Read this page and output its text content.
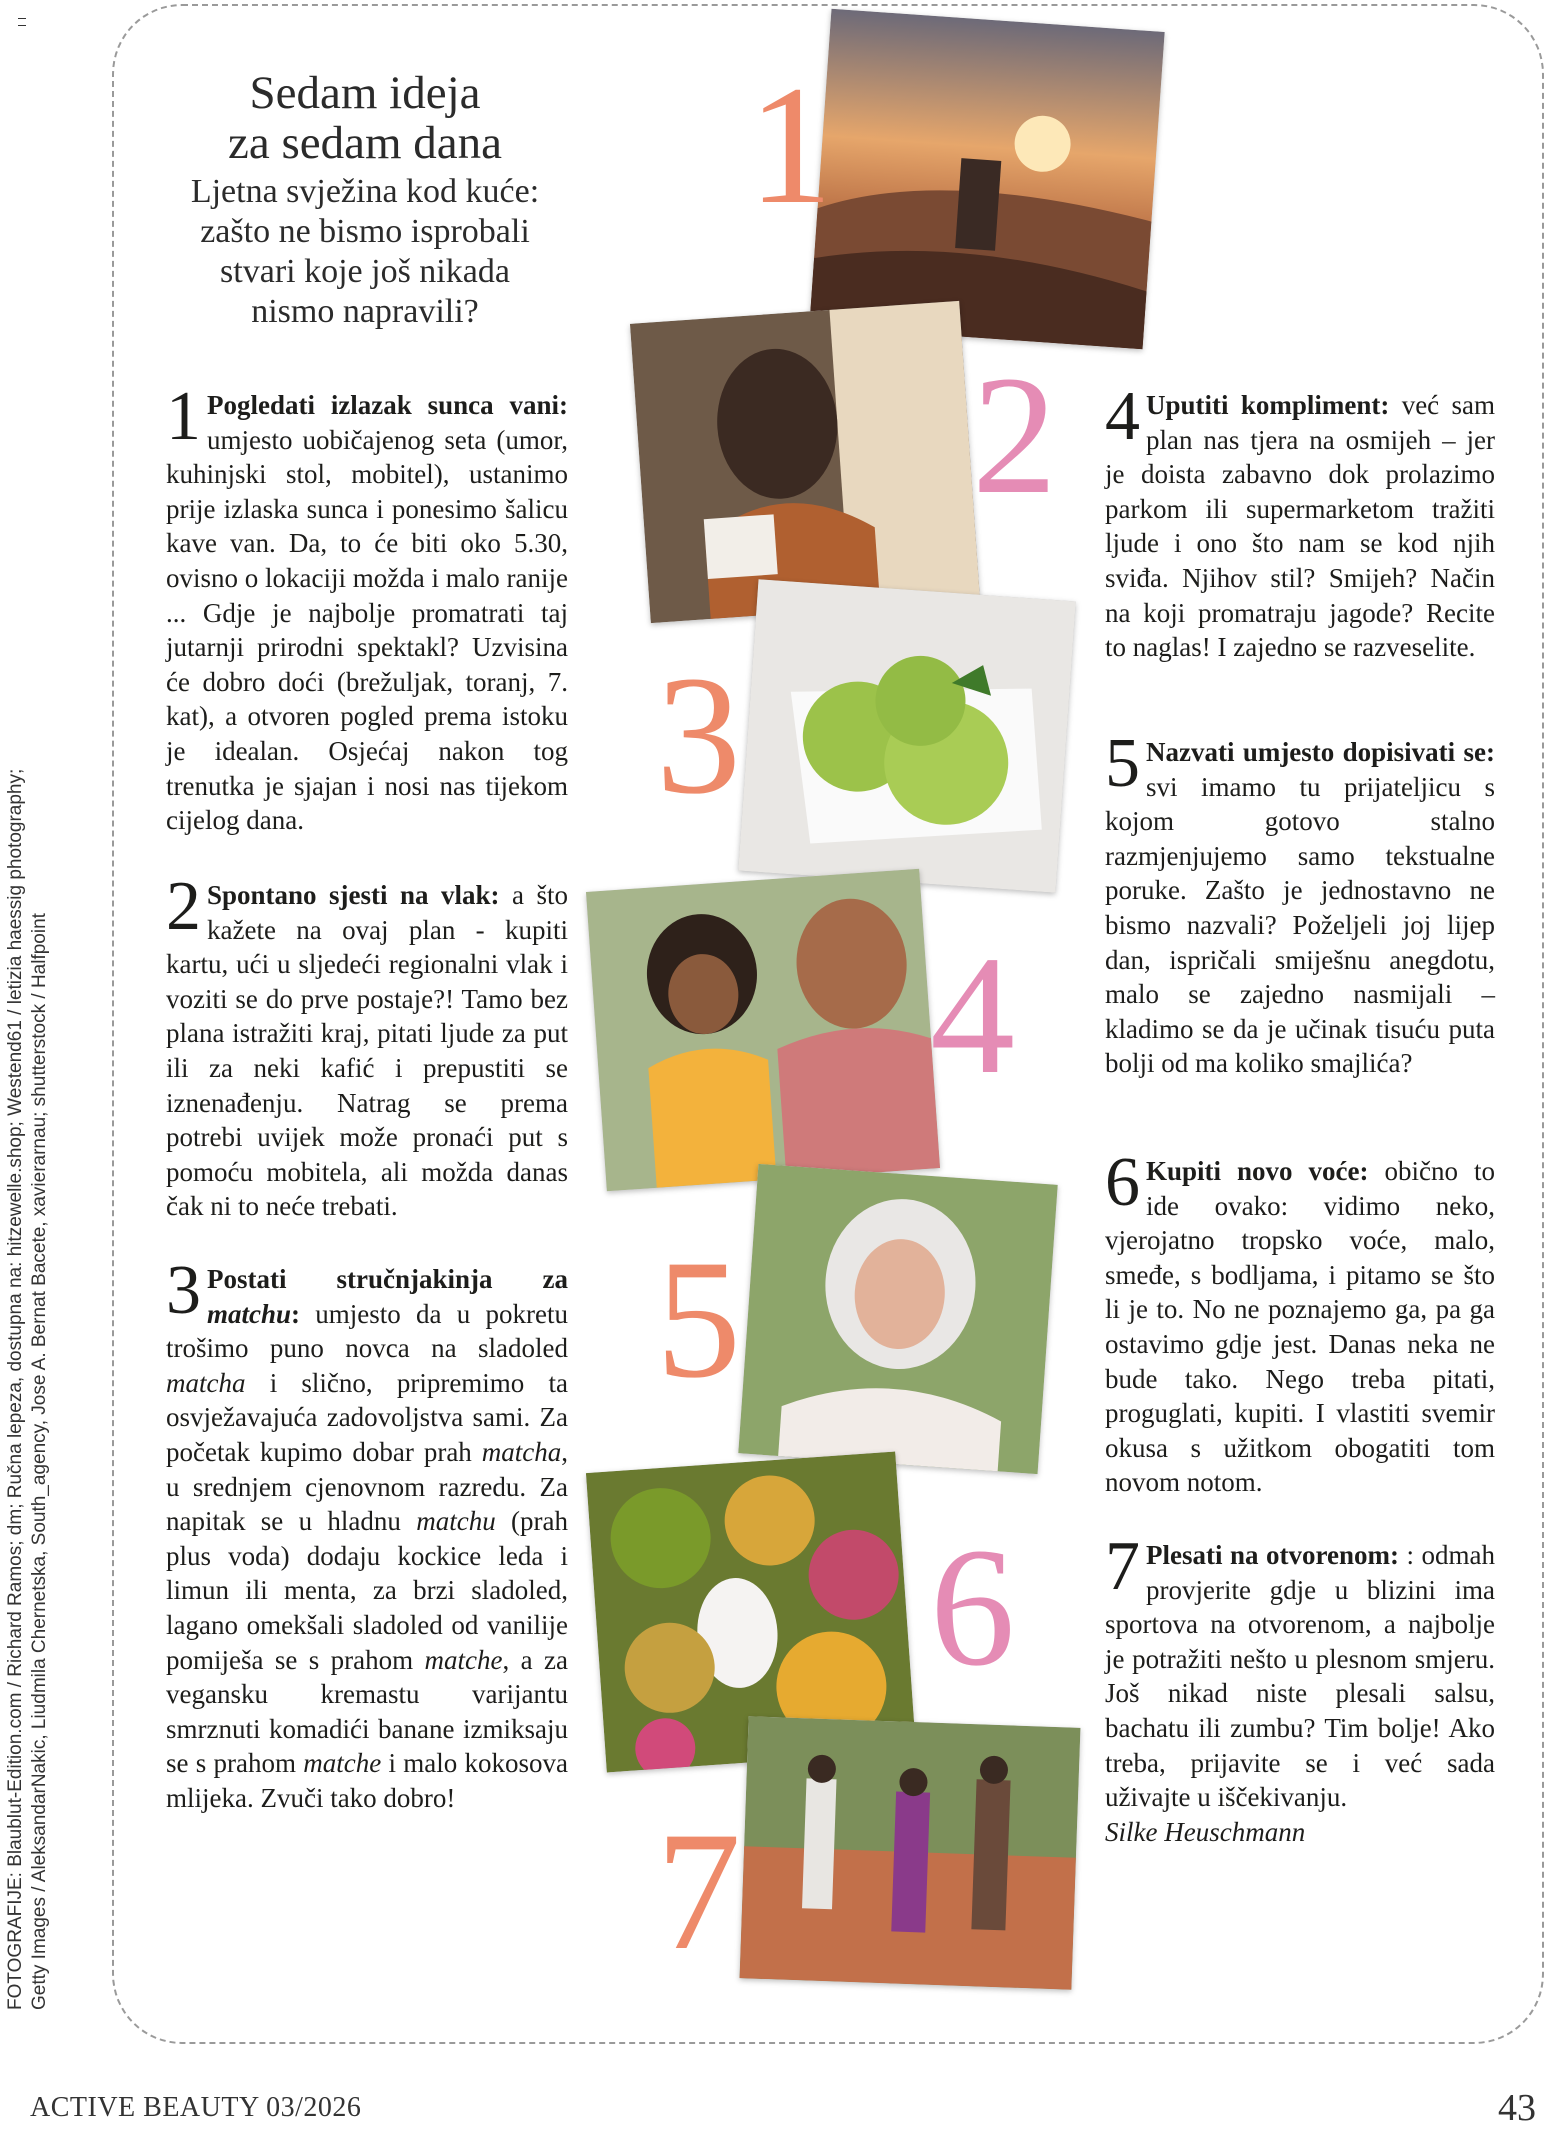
FOTOGRAFIJE: Blaublut-Edition.com / Richard Ramos; dm; Ručna lepeza, dostupna na: hitzewelle.shop; Westend61 / letizia haessig photography; Getty Images / AleksandarNakic, Liudmila Chernetska, South_agency, Jose A. Bernat Bacete, xavierarnau; shutterstock / Halfpoint
Sedam ideja
za sedam dana
Ljetna svježina kod kuće:
zašto ne bismo isprobali
stvari koje još nikada
nismo napravili?
1 Pogledati izlazak sunca vani: umjesto uobičajenog seta (umor, kuhinjski stol, mobitel), ustanimo prije izlaska sunca i ponesimo šalicu kave van. Da, to će biti oko 5.30, ovisno o lokaciji možda i malo ranije ... Gdje je najbolje promatrati taj jutarnji prirodni spektakl? Uzvisina će dobro doći (brežuljak, toranj, 7. kat), a otvoren pogled prema istoku je idealan. Osjećaj nakon tog trenutka je sjajan i nosi nas tijekom cijelog dana.
2 Spontano sjesti na vlak: a što kažete na ovaj plan - kupiti kartu, ući u sljedeći regionalni vlak i voziti se do prve postaje?! Tamo bez plana istražiti kraj, pitati ljude za put ili za neki kafić i prepustiti se iznenađenju. Natrag se prema potrebi uvijek može pronaći put s pomoću mobitela, ali možda danas čak ni to neće trebati.
3 Postati stručnjakinja za matchu: umjesto da u pokretu trošimo puno novca na sladoled matcha i slično, pripremimo ta osvježavajuća zadovoljstva sami. Za početak kupimo dobar prah matcha, u srednjem cjenovnom razredu. Za napitak se u hladnu matchu (prah plus voda) dodaju kockice leda i limun ili menta, za brzi sladoled, lagano omekšali sladoled od vanilije pomiješa se s prahom matche, a za vegansku kremastu varijantu smrznuti komadići banane izmiksaju se s prahom matche i malo kokosova mlijeka. Zvuči tako dobro!
4 Uputiti kompliment: već sam plan nas tjera na osmijeh – jer je doista zabavno dok prolazimo parkom ili supermarketom tražiti ljude i ono što nam se kod njih sviđa. Njihov stil? Smijeh? Način na koji promatraju jagode? Recite to naglas! I zajedno se razveselite.
5 Nazvati umjesto dopisivati se: svi imamo tu prijateljicu s kojom gotovo stalno razmjenjujemo samo tekstualne poruke. Zašto je jednostavno ne bismo nazvali? Poželjeli joj lijep dan, ispričali smiješnu anegdotu, malo se zajedno nasmijali – kladimo se da je učinak tisuću puta bolji od ma koliko smajlića?
6 Kupiti novo voće: obično to ide ovako: vidimo neko, vjerojatno tropsko voće, malo, smeđe, s bodljama, i pitamo se što li je to. No ne poznajemo ga, pa ga ostavimo gdje jest. Danas neka ne bude tako. Nego treba pitati, proguglati, kupiti. I vlastiti svemir okusa s užitkom obogatiti tom novom notom.
7 Plesati na otvorenom: : odmah provjerite gdje u blizini ima sportova na otvorenom, a najbolje je potražiti nešto u plesnom smjeru. Još nikad niste plesali salsu, bachatu ili zumbu? Tim bolje! Ako treba, prijavite se i već sada uživajte u iščekivanju.
Silke Heuschmann
1
2
3
4
5
6
7
ACTIVE BEAUTY 03/2026	43
